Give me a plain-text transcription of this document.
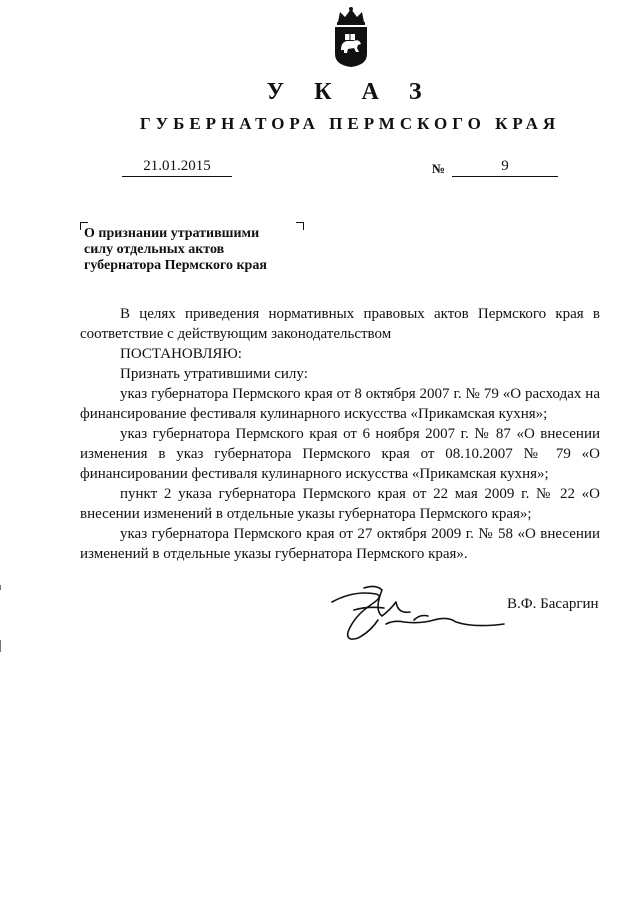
У К А З
ГУБЕРНАТОРА ПЕРМСКОГО КРАЯ
21.01.2015	№	9
О признании утратившими
силу отдельных актов
губернатора Пермского края

В целях приведения нормативных правовых актов Пермского края в соответствие с действующим законодательством

ПОСТАНОВЛЯЮ:

Признать утратившими силу:

указ губернатора Пермского края от 8 октября 2007 г. № 79 «О расходах на финансирование фестиваля кулинарного искусства «Прикамская кухня»;

указ губернатора Пермского края от 6 ноября 2007 г. № 87 «О внесении изменения в указ губернатора Пермского края от 08.10.2007 № 79 «О финансировании фестиваля кулинарного искусства «Прикамская кухня»;

пункт 2 указа губернатора Пермского края от 22 мая 2009 г. № 22 «О внесении изменений в отдельные указы губернатора Пермского края»;

указ губернатора Пермского края от 27 октября 2009 г. № 58 «О внесении изменений в отдельные указы губернатора Пермского края».

В.Ф. Басаргин
